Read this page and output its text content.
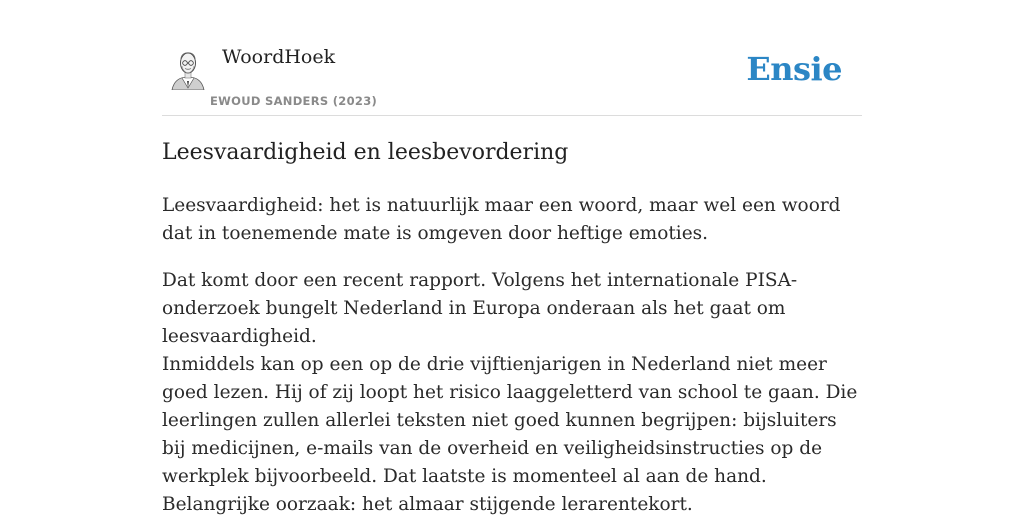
WoordHoek
EWOUD SANDERS (2023)
Ensie
Leesvaardigheid en leesbevordering

Leesvaardigheid: het is natuurlijk maar een woord, maar wel een woord dat in toenemende mate is omgeven door heftige emoties.

Dat komt door een recent rapport. Volgens het internationale PISA-onderzoek bungelt Nederland in Europa onderaan als het gaat om leesvaardigheid.

Inmiddels kan op een op de drie vijftienjarigen in Nederland niet meer goed lezen. Hij of zij loopt het risico laaggeletterd van school te gaan. Die leerlingen zullen allerlei teksten niet goed kunnen begrijpen: bijsluiters bij medicijnen, e-mails van de overheid en veiligheidsinstructies op de werkplek bijvoorbeeld. Dat laatste is momenteel al aan de hand. Belangrijke oorzaak: het almaar stijgende lerarentekort.
